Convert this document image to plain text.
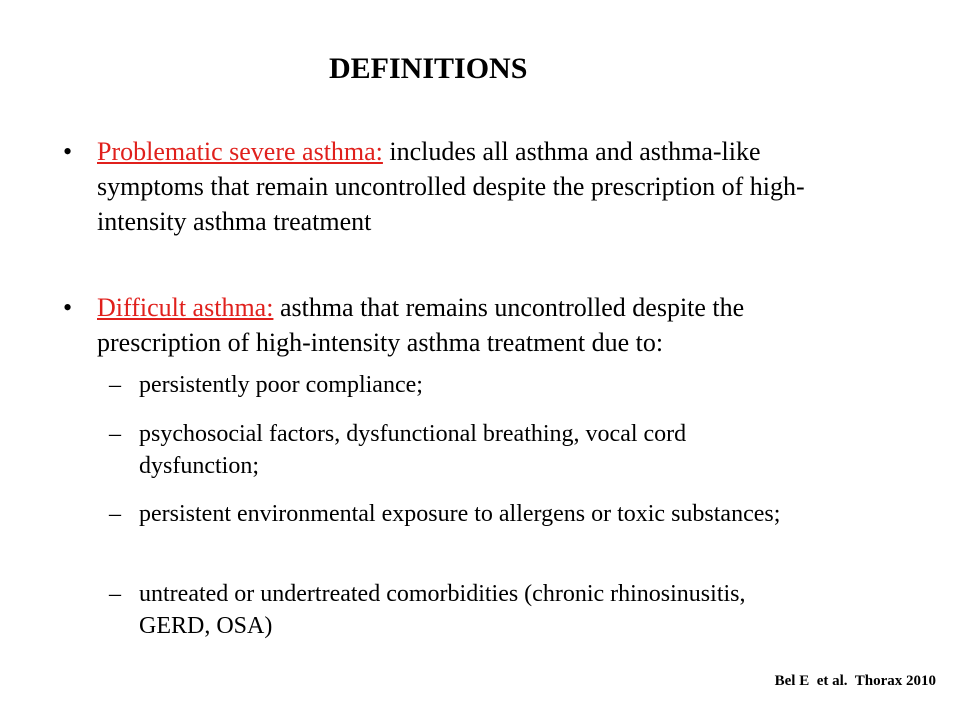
DEFINITIONS
• Problematic severe asthma: includes all asthma and asthma-like symptoms that remain uncontrolled despite the prescription of high-intensity asthma treatment
• Difficult asthma: asthma that remains uncontrolled despite the prescription of high-intensity asthma treatment due to:
– persistently poor compliance;
– psychosocial factors, dysfunctional breathing, vocal cord dysfunction;
– persistent environmental exposure to allergens or toxic substances;
– untreated or undertreated comorbidities (chronic rhinosinusitis, GERD, OSA)
Bel E  et al.  Thorax 2010
